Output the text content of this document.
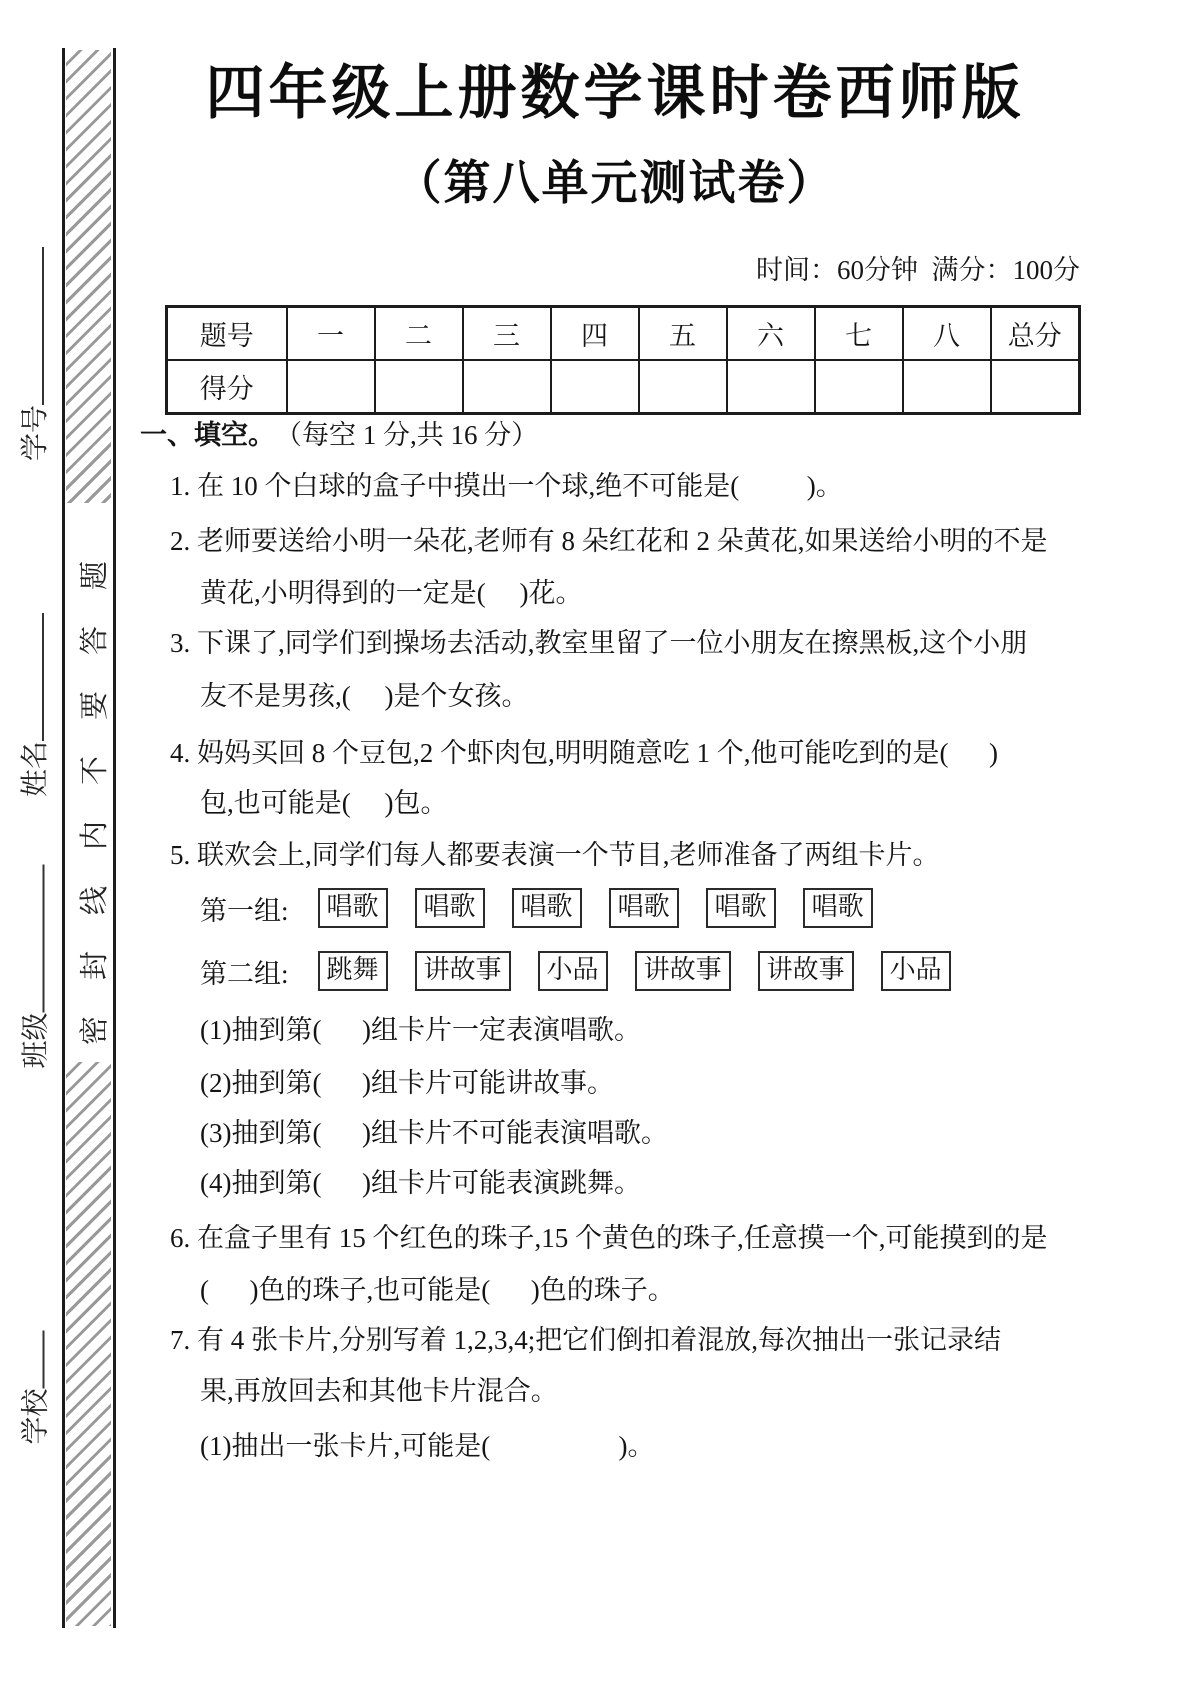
密封线内不要答题
学号
姓名
班级
学校
四年级上册数学课时卷西师版
（第八单元测试卷）
时间：60分钟  满分：100分
题号	一	二	三	四	五	六	七	八	总分
得分									
一、填空。 （每空 1 分,共 16 分）
1. 在 10 个白球的盒子中摸出一个球,绝不可能是(          )。
2. 老师要送给小明一朵花,老师有 8 朵红花和 2 朵黄花,如果送给小明的不是
黄花,小明得到的一定是(     )花。
3. 下课了,同学们到操场去活动,教室里留了一位小朋友在擦黑板,这个小朋
友不是男孩,(     )是个女孩。
4. 妈妈买回 8 个豆包,2 个虾肉包,明明随意吃 1 个,他可能吃到的是(      )
包,也可能是(     )包。
5. 联欢会上,同学们每人都要表演一个节目,老师准备了两组卡片。
第一组:	唱歌	唱歌	唱歌	唱歌	唱歌	唱歌
第二组:	跳舞	讲故事	小品	讲故事	讲故事	小品
(1)抽到第(      )组卡片一定表演唱歌。
(2)抽到第(      )组卡片可能讲故事。
(3)抽到第(      )组卡片不可能表演唱歌。
(4)抽到第(      )组卡片可能表演跳舞。
6. 在盒子里有 15 个红色的珠子,15 个黄色的珠子,任意摸一个,可能摸到的是
(      )色的珠子,也可能是(      )色的珠子。
7. 有 4 张卡片,分别写着 1,2,3,4;把它们倒扣着混放,每次抽出一张记录结
果,再放回去和其他卡片混合。
(1)抽出一张卡片,可能是(                   )。
